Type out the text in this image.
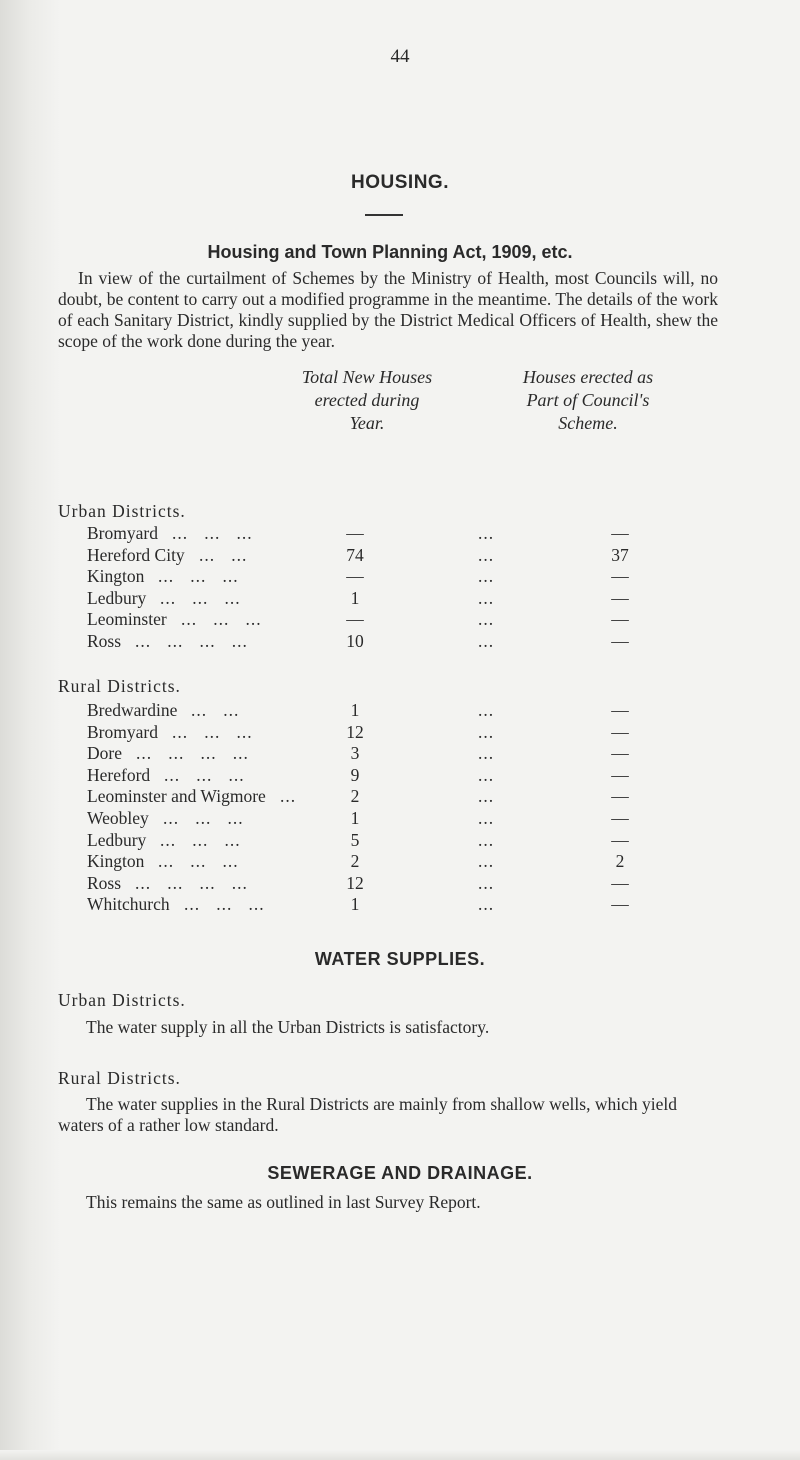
44
HOUSING.
Housing and Town Planning Act, 1909, etc.
In view of the curtailment of Schemes by the Ministry of Health, most Councils will, no doubt, be content to carry out a modified programme in the meantime. The details of the work of each Sanitary District, kindly supplied by the District Medical Officers of Health, shew the scope of the work done during the year.
Total New Houses
erected during
Year.
Houses erected as
Part of Council's
Scheme.
Urban Districts.
Bromyard ...   ...   ...	—	...	—
Hereford City ...   ...	74	...	37
Kington ...   ...   ...	—	...	—
Ledbury ...   ...   ...	1	...	—
Leominster ...   ...   ...	—	...	—
Ross ...   ...   ...   ...	10	...	—
Rural Districts.
Bredwardine ...   ...	1	...	—
Bromyard ...   ...   ...	12	...	—
Dore ...   ...   ...   ...	3	...	—
Hereford ...   ...   ...	9	...	—
Leominster and Wigmore ...	2	...	—
Weobley ...   ...   ...	1	...	—
Ledbury ...   ...   ...	5	...	—
Kington ...   ...   ...	2	...	2
Ross ...   ...   ...   ...	12	...	—
Whitchurch ...   ...   ...	1	...	—
WATER SUPPLIES.
Urban Districts.
The water supply in all the Urban Districts is satisfactory.
Rural Districts.
The water supplies in the Rural Districts are mainly from shallow wells, which yield waters of a rather low standard.
SEWERAGE AND DRAINAGE.
This remains the same as outlined in last Survey Report.
